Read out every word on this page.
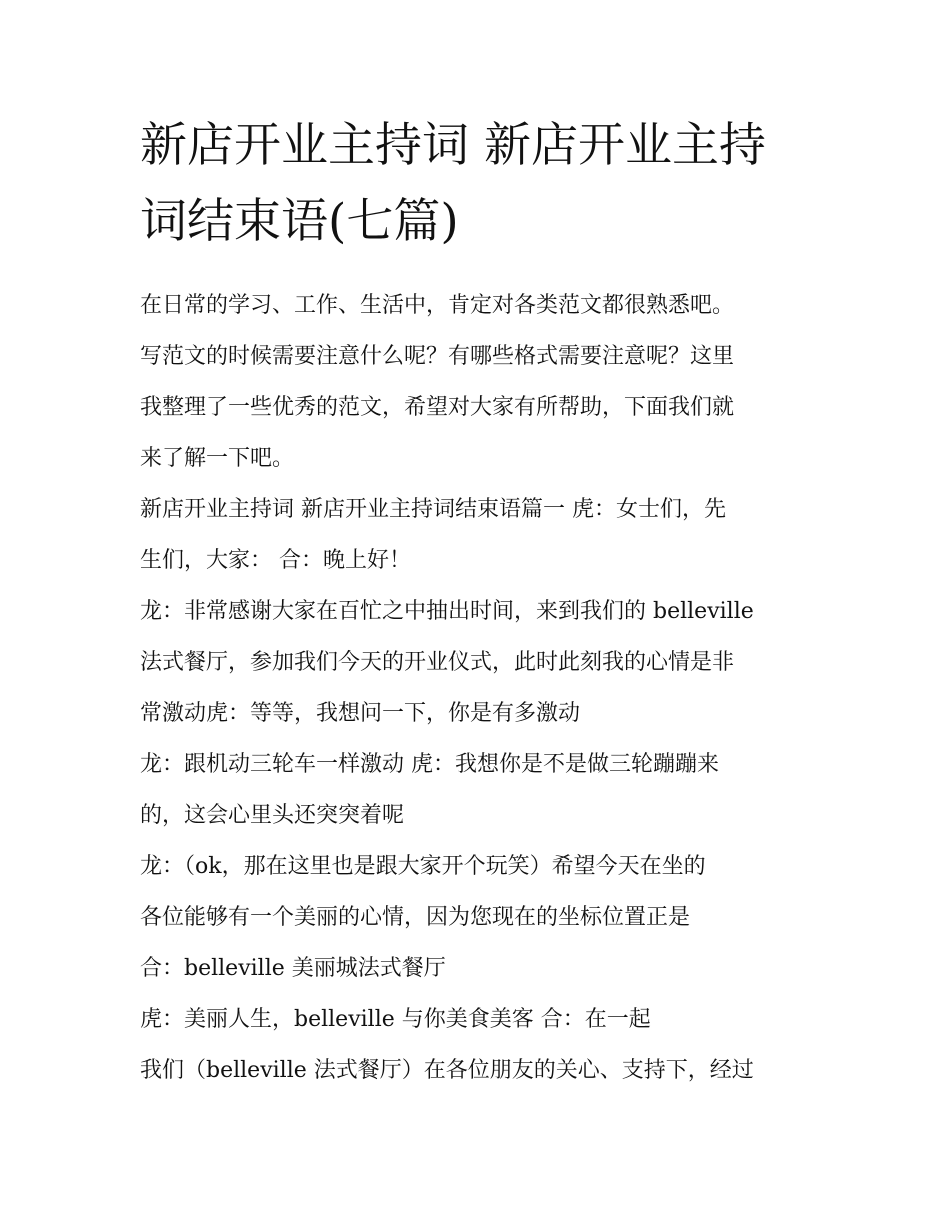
新店开业主持词 新店开业主持
词结束语(七篇)

在日常的学习、工作、生活中，肯定对各类范文都很熟悉吧。
写范文的时候需要注意什么呢？有哪些格式需要注意呢？这里
我整理了一些优秀的范文，希望对大家有所帮助，下面我们就
来了解一下吧。

新店开业主持词 新店开业主持词结束语篇一 虎：女士们，先
生们，大家： 合：晚上好！

龙：非常感谢大家在百忙之中抽出时间，来到我们的 belleville
法式餐厅，参加我们今天的开业仪式，此时此刻我的心情是非
常激动虎：等等，我想问一下，你是有多激动

龙：跟机动三轮车一样激动 虎：我想你是不是做三轮蹦蹦来
的，这会心里头还突突着呢

龙：（ok，那在这里也是跟大家开个玩笑）希望今天在坐的
各位能够有一个美丽的心情，因为您现在的坐标位置正是

合：belleville 美丽城法式餐厅

虎：美丽人生，belleville 与你美食美客 合：在一起

我们（belleville 法式餐厅）在各位朋友的关心、支持下，经过
